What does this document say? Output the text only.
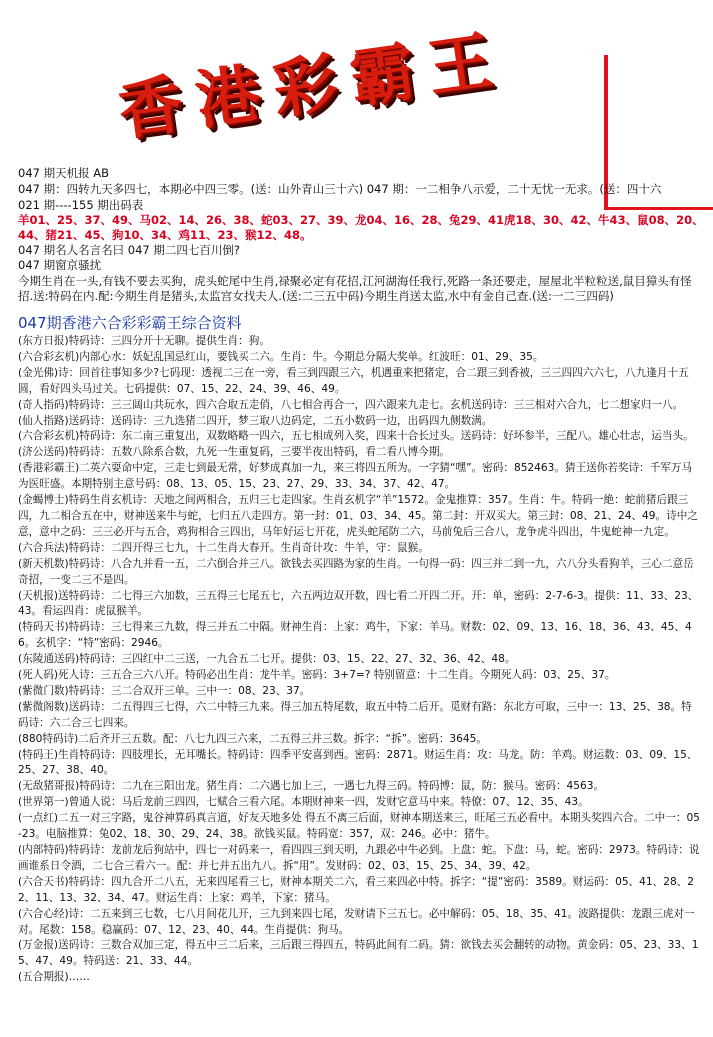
香港彩霸王
047 期天机报 AB
047 期：四转九天多四七，本期必中四三零。(送：山外青山三十六) 047 期：一二相争八示爱，二十无忧一无求。(送：四十六
021 期----155 期出码表
羊01、25、37、49、马02、14、26、38、蛇03、27、39、龙04、16、28、兔29、41虎18、30、42、牛43、鼠08、20、44、猪21、45、狗10、34、鸡11、23、猴12、48。
047 期名人名言名曰 047 期二四七百川倒?
047 期窗京骚扰
今期生肖在一头,有钱不要去买狗，虎头蛇尾中生肖,禄聚必定有花招,江河湖海任我行,死路一条还要走，屋屋北半粒粒送,鼠目獐头有怪招.送:特码在内.配:今期生肖是猪头,太监宫女找夫人.(送:二三五中码)今期生肖送太监,水中有金自己查.(送:一二三四码)
047期香港六合彩彩霸王综合资料

(东方日报)特码诗：三四分开十无聊。提供生肖：狗。

(六合彩玄机)内部心水：妖妃乱国忌红山，要钱买二六。生肖：牛。今期总分隔大奖单。红波旺：01、29、35。

(金光佛)诗：回首往事知多少?七码现：透视二三在一旁，看三到四跟三六，机遇重来把猪定，合二跟三到香被，三三四四六六七，八九逢月十五圆，看好四头马过关。七码提供：07、15、22、24、39、46、49。

(奇人指码)特码诗：三三阔山共玩水，四六合取五走俏，八七相合再合一，四六跟来九走七。玄机送码诗：三三相对六合九，七二想家归一八。

(仙人指路)送码诗：送码诗：三九选猪二四开，梦三取八边码定，二五小数码一边，出码四九侧数满。

(六合彩玄机)特码诗：东二南三重复出，双数略略一四六，五七相成列入奖，四来十合长过头。送码诗：好坏参半，三配八。雄心壮志，运当头。

(济公送码)特码诗：五数八除系合数，九死一生重复码，三要半夜出特码，看二看八博今期。

(香港彩霸王)二英六耍命中定，三走七到最无常，好梦成真加一九，来三将四五所为。一字猜“嘿”。密码：852463。猜王送你若奖诗：千军万马为医旺盛。本期特别主意号码：08、13、05、15、23、27、29、33、34、37、42、47。

(金蝎博士)特码生肖玄机诗：天地之间两相合，五归三七走四家。生肖玄机字“羊”1572。金鬼推算：357。生肖：牛。特码一絶：蛇前猪后跟三四，九二相合五在中，财神送来牛与蛇，七归五八走四方。第一封：01、03、34、45。第二封：开双买大。第三封：08、21、24、49。诗中之意，意中之码：三三必开与五合，鸡狗相合三四出，马年好运七开花，虎头蛇尾防二六，马前兔后三合八，龙争虎斗四出，牛鬼蛇神一九定。

(六合兵法)特码诗：二四开得三七九，十二生肖大春开。生肖奇计攻：牛羊，守：鼠猴。

(新天机数)特码诗：八合九并看一五，二六倒合并三八。欲钱去买四路为家的生肖。一句得一码：四三并二到一九，六八分头看狗羊，三心二意岳奇招，一变二三不是四。

(天机报)送特码诗：二七得三六加数，三五得三七尾五七，六五两边双开数，四七看二开四二开。开：单，密码：2-7-6-3。提供：11、33、23、43。看运四肖：虎鼠猴羊。

(特码天书)特码诗：三七得来三九数，得三并五二中隔。财神生肖：上家：鸡牛，下家：羊马。财数：02、09、13、16、18、36、43、45、46。玄机字：“特”密码：2946。

(东陵通送码)特码诗：三四红中二三送，一九合五二七开。提供：03、15、22、27、32、36、42、48。

(死人码)死人诗：三五合三六八开。特码必出生肖：龙牛羊。密码：3+7=? 特别留意：十二生肖。今期死人码：03、25、37。

(紫微门数)特码诗：三二合双开三单。三中一：08、23、37。

(紫微阁数)送码诗：二五得四三七得，六二中特三九来。得三加五特尾数，取五中特二后开。觅财有路：东北方可取，三中一：13、25、38。特码诗：六二合三七四来。

(880特码诗)二后齐开三五数。配：八七九四三六来，二五得三并三数。拆字：“拆”。密码：3645。

(特码王)生肖特码诗：四肢埋长，无耳嘴长。特码诗：四季平安喜到西。密码：2871。财运生肖：攻：马龙。防：羊鸡。财运数：03、09、15、25、27、38、40。

(无敌猪哥报)特码诗：二九在三阳出龙。猪生肖：二六遇七加上三，一遇七九得三码。特码博：鼠，防：猴马。密码：4563。

(世界第一)曾通人说：马后龙前三四四，七赋合三看六尾。本期财神来一四，发财它意马中来。特僚：07、12、35、43。

(一点红)二五一对三字路，鬼谷神算码真言道，好友天地多处 得五不离三后面，财神本期送来三，旺尾三五必看中。本期头奖四六合。二中一：05-23。电脑推算：兔02、18、30、29、24、38。欲钱买鼠。特码宽：357，双：246。必中：猪牛。

(内部特码)特码诗：龙前龙后狗站中，四七一对码来一，看四四三到天明，九跟必中牛必到。上盘：蛇。下盘：马，蛇。密码：2973。特码诗：说画谁系日令酒，二七合三看六一。配：并七并五出九八。拆“用”。发财码：02、03、15、25、34、39、42。

(六合天书)特码诗：四九合开二八五，无来四尾看三七，财神本期关二六，看三来四必中特。拆字：“提”密码：3589。财运码：05、41、28、22、11、13、32、34、47。财运生肖：上家：鸡羊，下家：猪马。

(六合心经)诗：二五来到三七数，七八月间花儿开，三九到来四七尾，发财请下三五七。必中解码：05、18、35、41。波路提供：龙跟三虎对一对。尾数：158。稳赢码：07、12、23、40、44。生肖提供：狗马。

(万金报)送码诗：三数合双加三定，得五中三二后来，三后跟三得四五，特码此间有二码。猜：欲钱去买会翻转的动物。黄金码：05、23、33、15、47、49。特码送：21、33、44。

(五合期报)……
